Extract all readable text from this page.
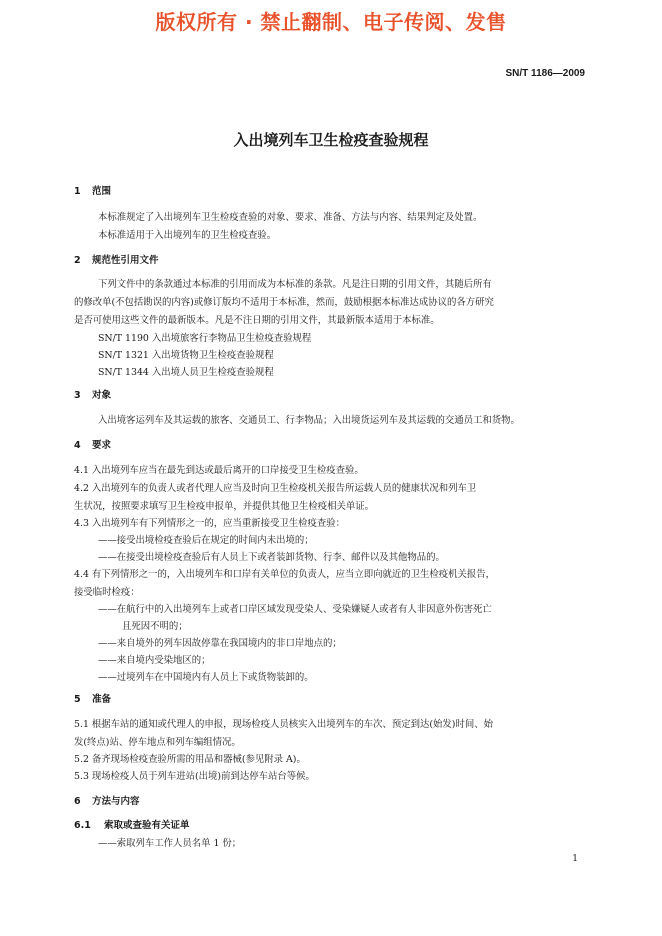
版权所有 · 禁止翻制、电子传阅、发售
SN/T 1186—2009
入出境列车卫生检疫查验规程
1 范围
2 规范性引用文件
3 对象
4 要求
5 准备
6 方法与内容
6.1 索取或查验有关证单
本标准规定了入出境列车卫生检疫查验的对象、要求、准备、方法与内容、结果判定及处置。
本标准适用于入出境列车的卫生检疫查验。
下列文件中的条款通过本标准的引用而成为本标准的条款。凡是注日期的引用文件，其随后所有
的修改单(不包括勘误的内容)或修订版均不适用于本标准，然而，鼓励根据本标准达成协议的各方研究
是否可使用这些文件的最新版本。凡是不注日期的引用文件，其最新版本适用于本标准。
SN/T 1190 入出境旅客行李物品卫生检疫查验规程
SN/T 1321 入出境货物卫生检疫查验规程
SN/T 1344 入出境人员卫生检疫查验规程
入出境客运列车及其运载的旅客、交通员工、行李物品；入出境货运列车及其运载的交通员工和货物。
4.1 入出境列车应当在最先到达或最后离开的口岸接受卫生检疫查验。
4.2 入出境列车的负责人或者代理人应当及时向卫生检疫机关报告所运载人员的健康状况和列车卫
生状况，按照要求填写卫生检疫申报单，并提供其他卫生检疫相关单证。
4.3 入出境列车有下列情形之一的，应当重新接受卫生检疫查验：
——接受出境检疫查验后在规定的时间内未出境的；
——在接受出境检疫查验后有人员上下或者装卸货物、行李、邮件以及其他物品的。
4.4 有下列情形之一的，入出境列车和口岸有关单位的负责人，应当立即向就近的卫生检疫机关报告，
接受临时检疫：
——在航行中的入出境列车上或者口岸区域发现受染人、受染嫌疑人或者有人非因意外伤害死亡
且死因不明的；
——来自境外的列车因故停靠在我国境内的非口岸地点的；
——来自境内受染地区的；
——过境列车在中国境内有人员上下或货物装卸的。
5.1 根据车站的通知或代理人的申报，现场检疫人员核实入出境列车的车次、预定到达(始发)时间、始
发(终点)站、停车地点和列车编组情况。
5.2 备齐现场检疫查验所需的用品和器械(参见附录 A)。
5.3 现场检疫人员于列车进站(出境)前到达停车站台等候。
——索取列车工作人员名单 1 份；
1
